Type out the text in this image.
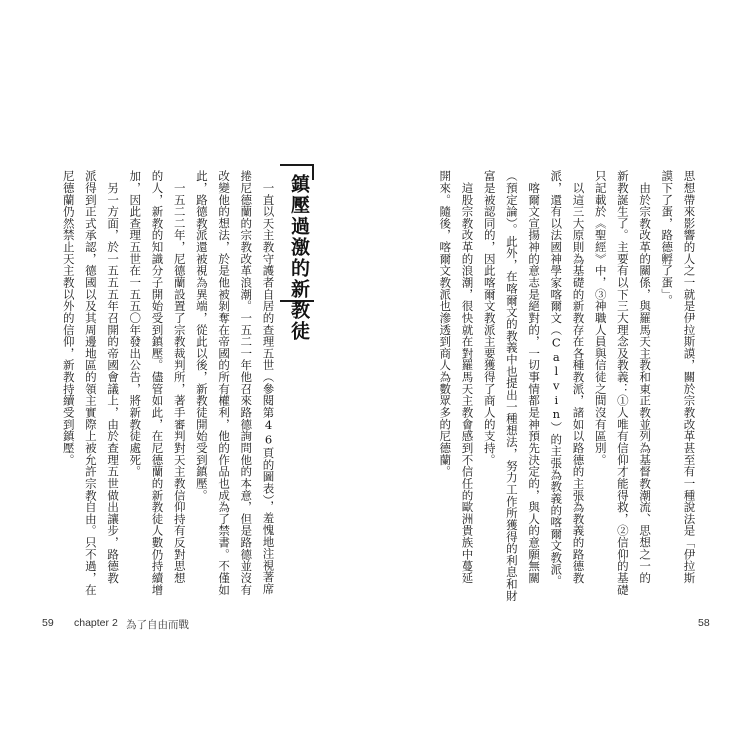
思想帶來影響的人之一就是伊拉斯謨，關於宗教改革甚至有一種說法是「伊拉斯
謨下了蛋，路德孵了蛋」。
　由於宗教改革的關係，與羅馬天主教和東正教並列為基督教潮流、思想之一的
新教誕生了。主要有以下三大理念及教義：①人唯有信仰才能得救，②信仰的基礎
只記載於《聖經》中，③神職人員與信徒之間沒有區別。
　以這三大原則為基礎的新教存在各種教派，諸如以路德的主張為教義的路德教
派，還有以法國神學家喀爾文（Calvin）的主張為教義的喀爾文教派。
　喀爾文宣揚神的意志是絕對的，一切事情都是神預先決定的，與人的意願無關
（預定論）。此外，在喀爾文的教義中也提出一種想法，努力工作所獲得的利息和財
富是被認同的，因此喀爾文教派主要獲得了商人的支持。
　這股宗教改革的浪潮，很快就在對羅馬天主教會感到不信任的歐洲貴族中蔓延
開來。隨後，喀爾文教派也滲透到商人為數眾多的尼德蘭。
　一直以天主教守護者自居的查理五世（參閱第46頁的圖表），羞愧地注視著席
捲尼德蘭的宗教改革浪潮。一五二一年他召來路德詢問他的本意，但是路德並沒有
改變他的想法，於是他被剝奪在帝國的所有權利，他的作品也成為了禁書。不僅如
此，路德教派還被視為異端，從此以後，新教徒開始受到鎮壓。
　一五二二年，尼德蘭設置了宗教裁判所，著手審判對天主教信仰持有反對思想
的人，新教的知識分子開始受到鎮壓。儘管如此，在尼德蘭的新教徒人數仍持續增
加，因此查理五世在一五五〇年發出公告，將新教徒處死。
　另一方面，於一五五五年召開的帝國會議上，由於查理五世做出讓步，路德教
派得到正式承認，德國以及其周邊地區的領主實際上被允許宗教自由。只不過，在
尼德蘭仍然禁止天主教以外的信仰，新教持續受到鎮壓。	鎮壓過激的新教徒
59 chapter 2 為了自由而戰	58
